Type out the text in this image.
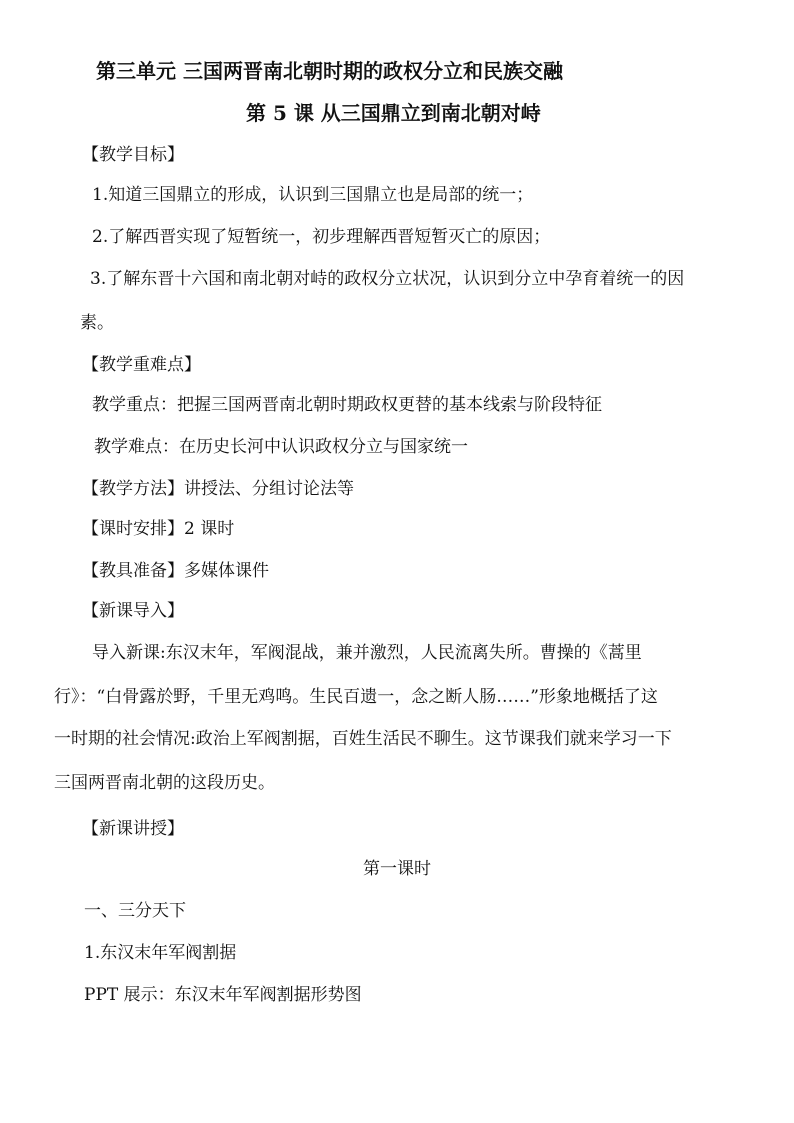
第三单元 三国两晋南北朝时期的政权分立和民族交融
第 5 课 从三国鼎立到南北朝对峙
【教学目标】
1.知道三国鼎立的形成，认识到三国鼎立也是局部的统一；
2.了解西晋实现了短暂统一，初步理解西晋短暂灭亡的原因；
3.了解东晋十六国和南北朝对峙的政权分立状况，认识到分立中孕育着统一的因
素。
【教学重难点】
教学重点：把握三国两晋南北朝时期政权更替的基本线索与阶段特征
教学难点：在历史长河中认识政权分立与国家统一
【教学方法】讲授法、分组讨论法等
【课时安排】2 课时
【教具准备】多媒体课件
【新课导入】
导入新课:东汉末年，军阀混战，兼并激烈，人民流离失所。曹操的《蒿里
行》：“白骨露於野，千里无鸡鸣。生民百遗一，念之断人肠……”形象地概括了这
一时期的社会情况:政治上军阀割据，百姓生活民不聊生。这节课我们就来学习一下
三国两晋南北朝的这段历史。
【新课讲授】
第一课时
一、三分天下
1.东汉末年军阀割据
PPT 展示：东汉末年军阀割据形势图
